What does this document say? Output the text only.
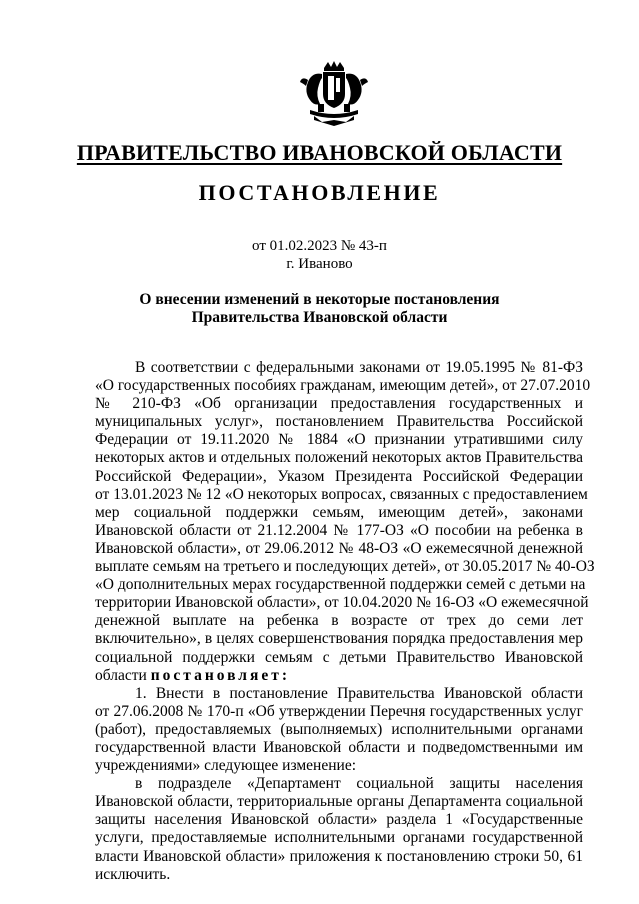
ПРАВИТЕЛЬСТВО ИВАНОВСКОЙ ОБЛАСТИ
ПОСТАНОВЛЕНИЕ
от 01.02.2023 № 43-п
г. Иваново
О внесении изменений в некоторые постановления
Правительства Ивановской области
В соответствии с федеральными законами от 19.05.1995 № 81-ФЗ
«О государственных пособиях гражданам, имеющим детей», от 27.07.2010
№ 210-ФЗ «Об организации предоставления государственных и
муниципальных услуг», постановлением Правительства Российской
Федерации от 19.11.2020 № 1884 «О признании утратившими силу
некоторых актов и отдельных положений некоторых актов Правительства
Российской Федерации», Указом Президента Российской Федерации
от 13.01.2023 № 12 «О некоторых вопросах, связанных с предоставлением
мер социальной поддержки семьям, имеющим детей», законами
Ивановской области от 21.12.2004 № 177-ОЗ «О пособии на ребенка в
Ивановской области», от 29.06.2012 № 48-ОЗ «О ежемесячной денежной
выплате семьям на третьего и последующих детей», от 30.05.2017 № 40-ОЗ
«О дополнительных мерах государственной поддержки семей с детьми на
территории Ивановской области», от 10.04.2020 № 16-ОЗ «О ежемесячной
денежной выплате на ребенка в возрасте от трех до семи лет
включительно», в целях совершенствования порядка предоставления мер
социальной поддержки семьям с детьми Правительство Ивановской
области постановляет:
1. Внести в постановление Правительства Ивановской области
от 27.06.2008 № 170-п «Об утверждении Перечня государственных услуг
(работ), предоставляемых (выполняемых) исполнительными органами
государственной власти Ивановской области и подведомственными им
учреждениями» следующее изменение:
в подразделе «Департамент социальной защиты населения
Ивановской области, территориальные органы Департамента социальной
защиты населения Ивановской области» раздела 1 «Государственные
услуги, предоставляемые исполнительными органами государственной
власти Ивановской области» приложения к постановлению строки 50, 61
исключить.
